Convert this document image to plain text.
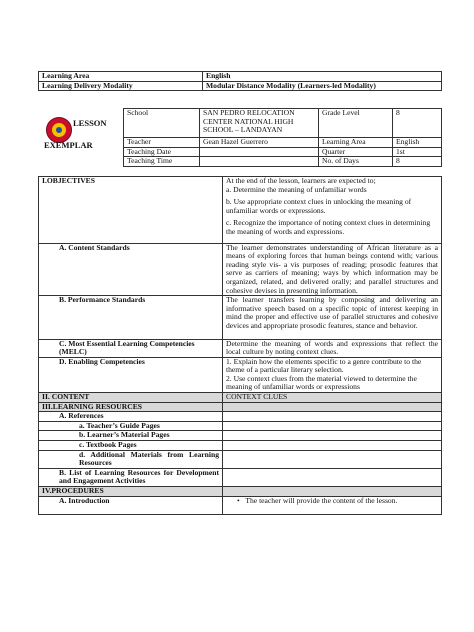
Learning Area	English
Learning Delivery Modality	Modular Distance Modality (Learners-led Modality)
LESSON
EXEMPLAR
School	SAN PEDRO RELOCATION CENTER NATIONAL HIGH SCHOOL – LANDAYAN	Grade Level	8
Teacher	Gean Hazel Guerrero	Learning Area	English
Teaching Date		Quarter	1st
Teaching Time		No. of Days	8
I.OBJECTIVES	At the end of the lesson, learners are expected to;

a. Determine the meaning of unfamiliar words

b. Use appropriate context clues in unlocking the meaning of unfamiliar words or expressions.

c. Recognize the importance of noting context clues in determining the meaning of words and expressions.

A. Content Standards	The learner demonstrates understanding of African literature as a means of exploring forces that human beings contend with; various reading style vis- a vis purposes of reading; prosodic features that serve as carriers of meaning; ways by which information may be organized, related, and delivered orally; and parallel structures and cohesive devises in presenting information.
B. Performance Standards	The learner transfers learning by composing and delivering an informative speech based on a specific topic of interest keeping in mind the proper and effective use of parallel structures and cohesive devices and appropriate prosodic features, stance and behavior.
C. Most Essential Learning Competencies (MELC)	Determine the meaning of words and expressions that reflect the local culture by noting context clues.
D. Enabling Competencies	1. Explain how the elements specific to a genre contribute to the theme of a particular literary selection.

2. Use context clues from the material viewed to determine the meaning of unfamiliar words or expressions

II. CONTENT	CONTEXT CLUES
III.LEARNING RESOURCES	
A. References	
a. Teacher’s Guide Pages	
b. Learner’s Material Pages	
c. Textbook Pages	
d. Additional Materials from Learning Resources	
B. List of Learning Resources for Development and Engagement Activities	
IV.PROCEDURES	
A. Introduction	•   The teacher will provide the content of the lesson.
